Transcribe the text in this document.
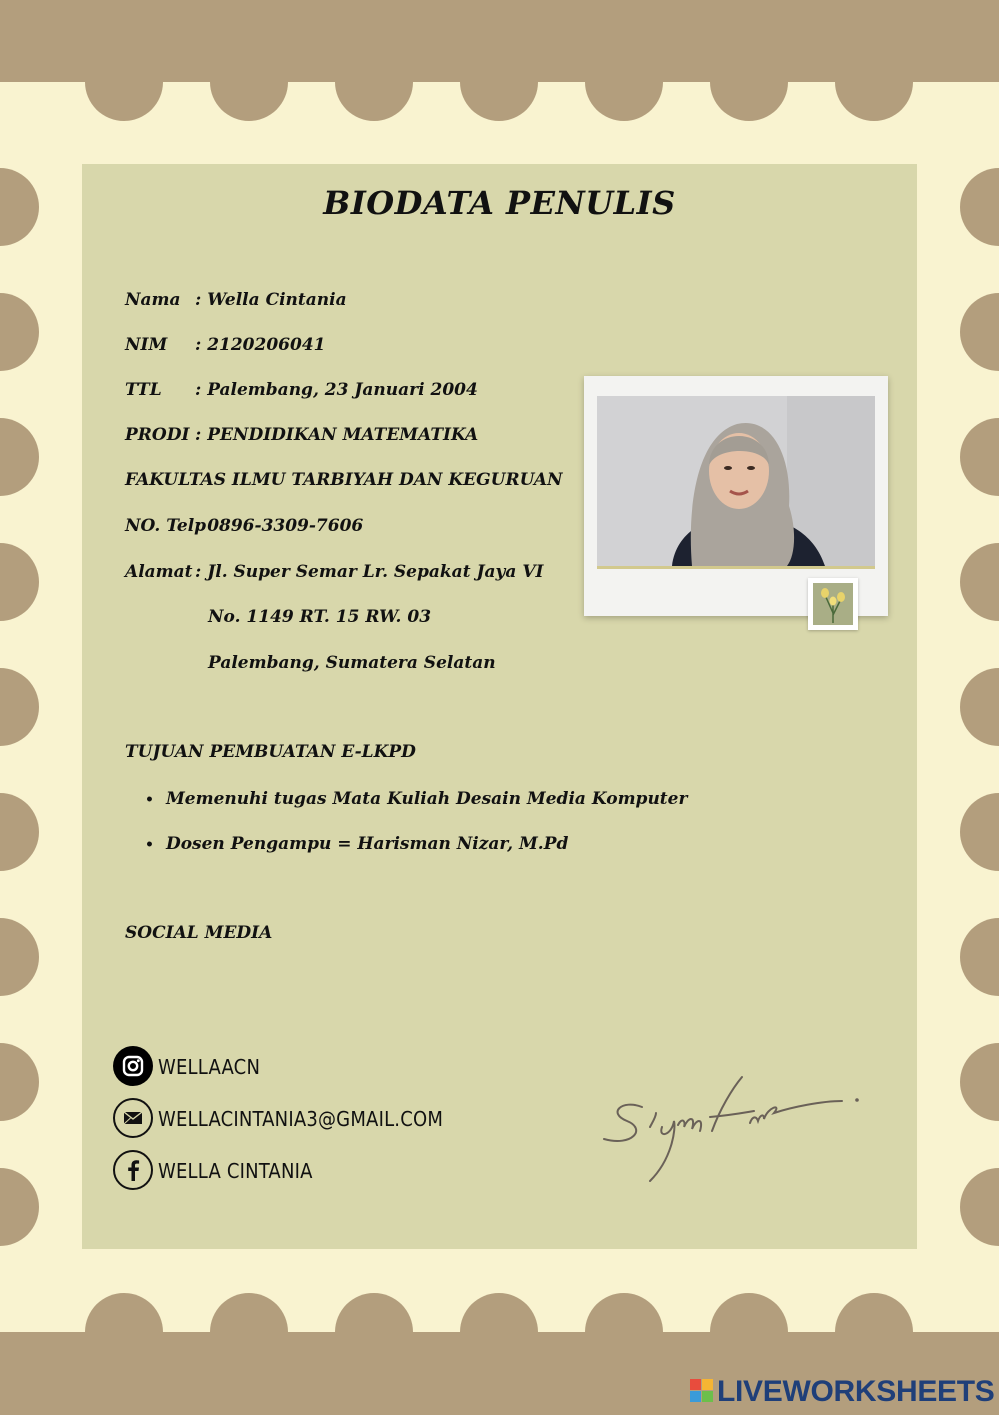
BIODATA PENULIS
Nama : Wella Cintania
NIM : 2120206041
TTL : Palembang, 23 Januari 2004
PRODI : PENDIDIKAN MATEMATIKA
FAKULTAS ILMU TARBIYAH DAN KEGURUAN
NO. Telp: 0896-3309-7606
Alamat : Jl. Super Semar Lr. Sepakat Jaya VI
No. 1149 RT. 15 RW. 03
Palembang, Sumatera Selatan
TUJUAN PEMBUATAN E-LKPD
• Memenuhi tugas Mata Kuliah Desain Media Komputer
• Dosen Pengampu = Harisman Nizar, M.Pd
SOCIAL MEDIA
WELLAACN
WELLACINTANIA3@GMAIL.COM
WELLA CINTANIA
Signature.
LIVEWORKSHEETS
